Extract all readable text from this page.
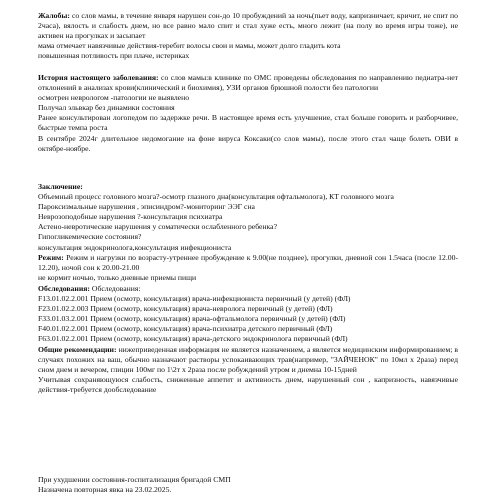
Жалобы: со слов мамы, в течение января нарушен сон-до 10 пробуждений за ночь(пьет воду, капризничает, кричит, не спит по 2часа), вялость и слабость днем, но все равно мало спит и стал хуже есть, много лежит (на полу во время игры тоже), не активен на прогулках и засыпает

мама отмечает навязчивые действия-теребит волосы свои и мамы, может долго гладить кота

повышенная потливость при плаче, истериках

История настоящего заболевания: со слов мамы:в клинике по ОМС проведены обследования по направлению педиатра-нет отклонений в анализах крови(клинический и биохимия), УЗИ органов брюшной полости без патологии

осмотрен неврологом -патологии не выявлено

Получал эльвкар без динамики состояния

Ранее консультирован логопедом по задержке речи. В настоящее время есть улучшение, стал больше говорить и разборчивее, быстрые темпа роста

В сентябре 2024г длительное недомогание на фоне вируса Коксаки(со слов мамы), после этого стал чаще болеть ОВИ в октябре-ноябре.

Заключение:

Объемный процесс головного мозга?-осмотр глазного дна(консультация офтальмолога), КТ головного мозга

Пароксизмальные нарушения , эписиндром?-мониторинг ЭЭГ сна

Неврозоподобные нарушения ?-консультация психиатра

Астено-невротические нарушения у соматически ослабленного ребенка?

Гипогликемические состояния?

консультация эндокринолога,консультация инфекциониста

Режим: Режим и нагрузки по возрасту-утреннее пробуждение к 9.00(не позднее), прогулки, дневной сон 1.5часа (после 12.00-12.20), ночой сон к 20.00-21.00

не кормит ночью, только дневные приемы пищи

Обследования: Обследования:

F13.01.02.2.001 Прием (осмотр, консультация) врача-инфекциониста первичный (у детей) (ФЛ)

F23.01.02.2.003 Прием (осмотр, консультация) врача-невролога первичный (у детей) (ФЛ)

F33.01.03.2.001 Прием (осмотр, консультация) врача-офтальмолога первичный (у детей) (ФЛ)

F40.01.02.2.001 Прием (осмотр, консультация) врача-психиатра детского первичный (ФЛ)

F63.01.02.2.001 Прием (осмотр, консультация) врача-детского эндокринолога первичный (ФЛ)

Общие рекомендации: нижеприведенная информация не является назначением, а является медицинским информированием; в случаях похожих на ваш, обычно назначают растворы успокаивающих трав(например, "ЗАЙЧЕНОК" по 10мл х 2раза) перед сном днем и вечером, глицин 100мг по 1\2т х 2раза после робуждений утром и днемна 10-15дней

Учитывая сохраняющуюся слабость, сниженные аппетит и активность днем, нарушенный сон , капризность, навязчивые действия-требуется дообследование

При ухудшении состояния-госпитализация бригадой СМП

Назначена повторная явка на 23.02.2025.
